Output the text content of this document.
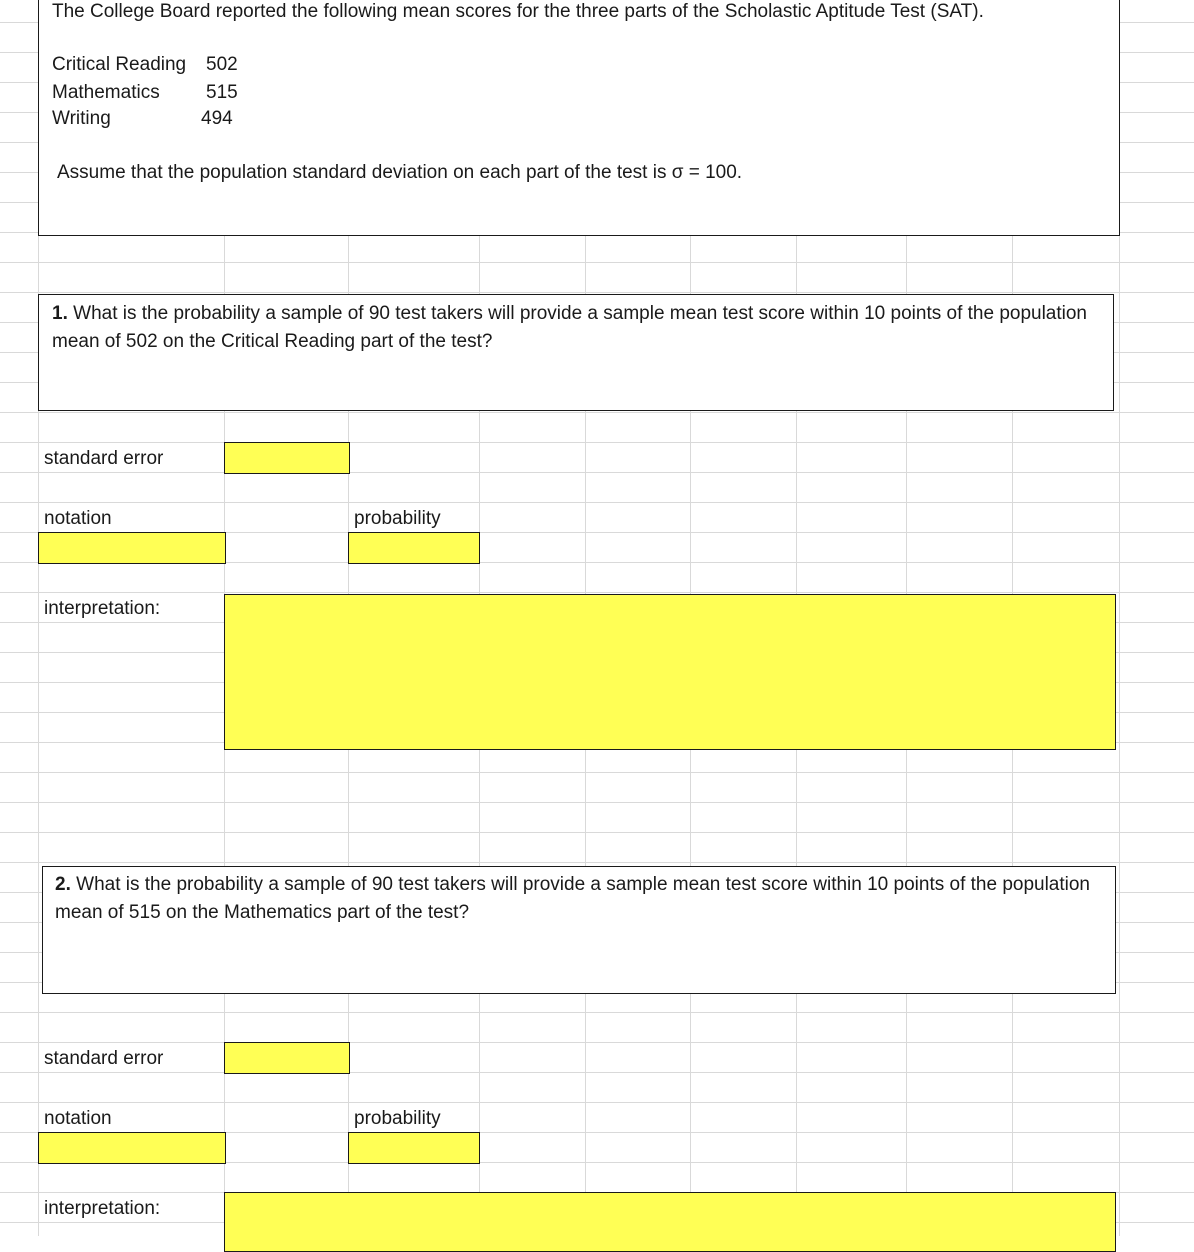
The College Board reported the following mean scores for the three parts of the Scholastic Aptitude Test (SAT).
Critical Reading 502
Mathematics 515
Writing	494
Assume that the population standard deviation on each part of the test is σ = 100.
1. What is the probability a sample of 90 test takers will provide a sample mean test score within 10 points of the population mean of 502 on the Critical Reading part of the test?
standard error
notation	probability
interpretation:
2. What is the probability a sample of 90 test takers will provide a sample mean test score within 10 points of the population mean of 515 on the Mathematics part of the test?
standard error
notation	probability
interpretation:
